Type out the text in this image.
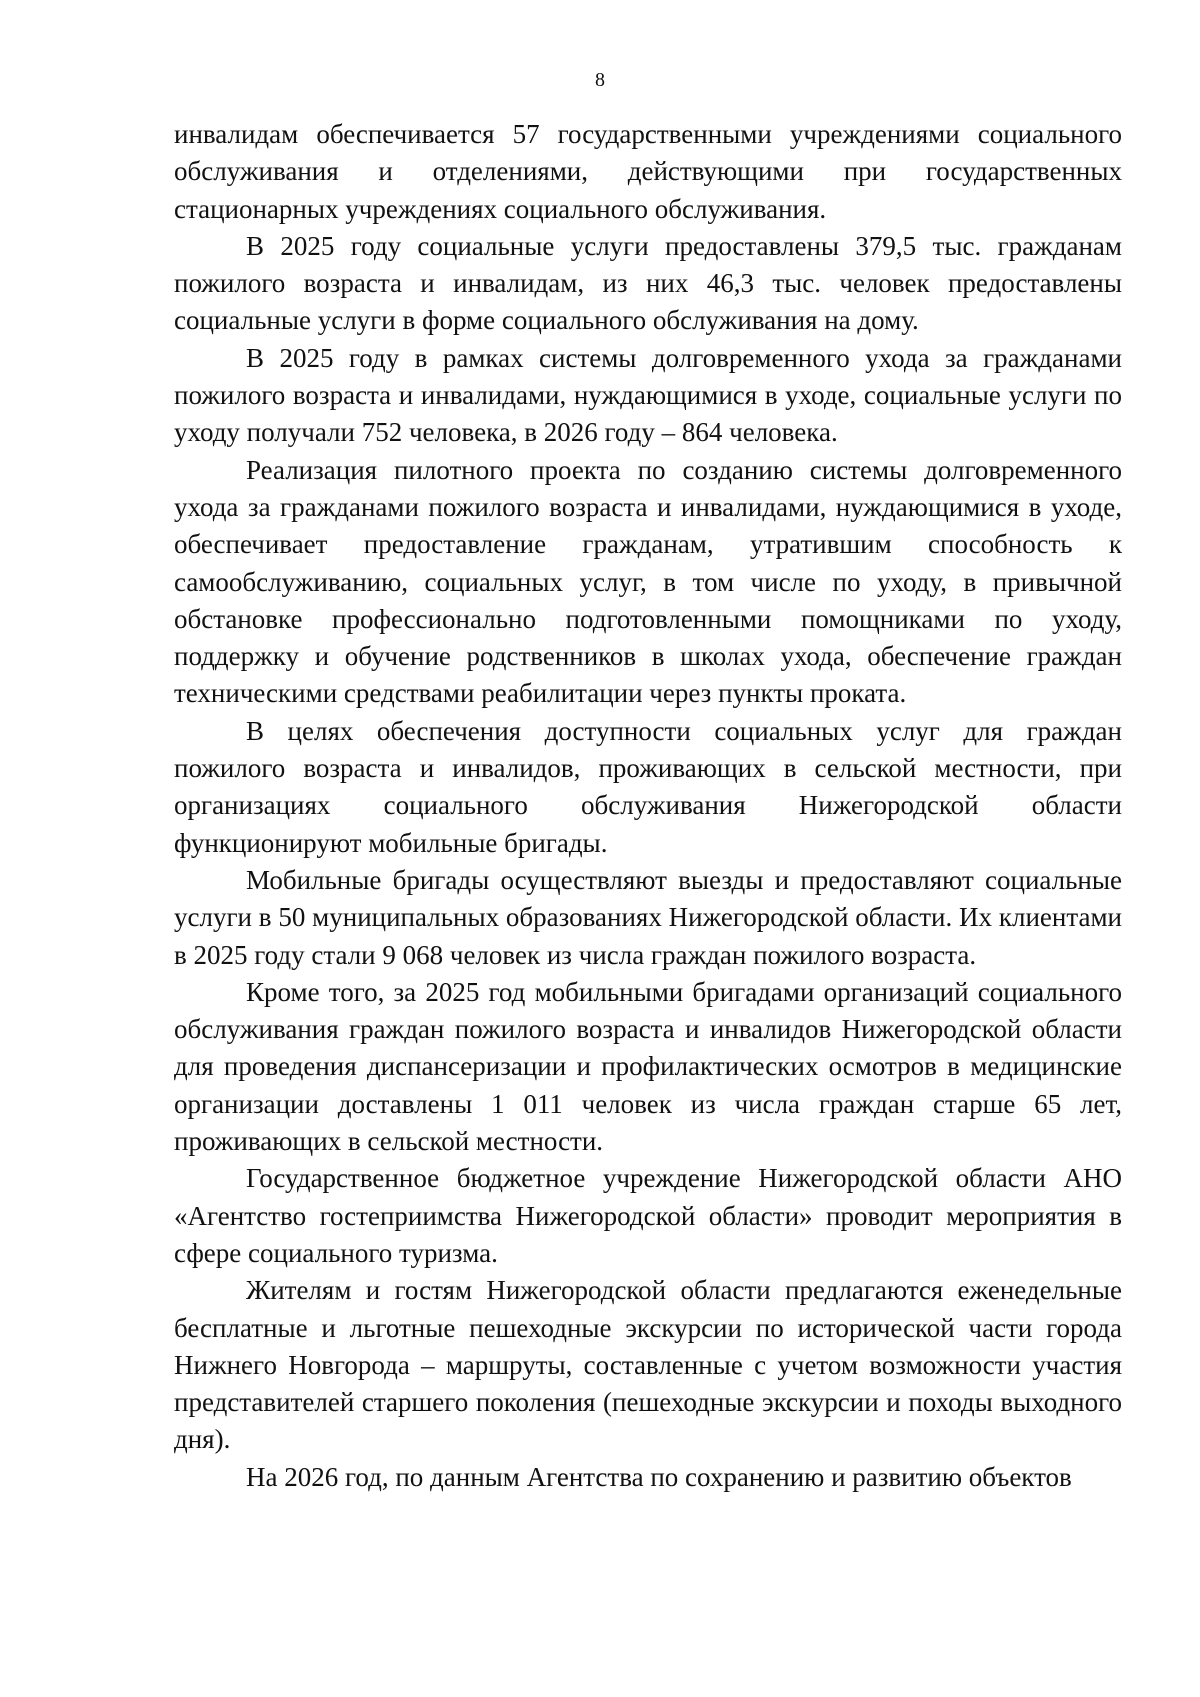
8

инвалидам обеспечивается 57 государственными учреждениями социального обслуживания и отделениями, действующими при государственных стационарных учреждениях социального обслуживания.

В 2025 году социальные услуги предоставлены 379,5 тыс. гражданам пожилого возраста и инвалидам, из них 46,3 тыс. человек предоставлены социальные услуги в форме социального обслуживания на дому.

В 2025 году в рамках системы долговременного ухода за гражданами пожилого возраста и инвалидами, нуждающимися в уходе, социальные услуги по уходу получали 752 человека, в 2026 году – 864 человека.

Реализация пилотного проекта по созданию системы долговременного ухода за гражданами пожилого возраста и инвалидами, нуждающимися в уходе, обеспечивает предоставление гражданам, утратившим способность к самообслуживанию, социальных услуг, в том числе по уходу, в привычной обстановке профессионально подготовленными помощниками по уходу, поддержку и обучение родственников в школах ухода, обеспечение граждан техническими средствами реабилитации через пункты проката.

В целях обеспечения доступности социальных услуг для граждан пожилого возраста и инвалидов, проживающих в сельской местности, при организациях социального обслуживания Нижегородской области функционируют мобильные бригады.

Мобильные бригады осуществляют выезды и предоставляют социальные услуги в 50 муниципальных образованиях Нижегородской области. Их клиентами в 2025 году стали 9 068 человек из числа граждан пожилого возраста.

Кроме того, за 2025 год мобильными бригадами организаций социального обслуживания граждан пожилого возраста и инвалидов Нижегородской области для проведения диспансеризации и профилактических осмотров в медицинские организации доставлены 1 011 человек из числа граждан старше 65 лет, проживающих в сельской местности.

Государственное бюджетное учреждение Нижегородской области АНО «Агентство гостеприимства Нижегородской области» проводит мероприятия в сфере социального туризма.

Жителям и гостям Нижегородской области предлагаются еженедельные бесплатные и льготные пешеходные экскурсии по исторической части города Нижнего Новгорода – маршруты, составленные с учетом возможности участия представителей старшего поколения (пешеходные экскурсии и походы выходного дня).

На 2026 год, по данным Агентства по сохранению и развитию объектов
